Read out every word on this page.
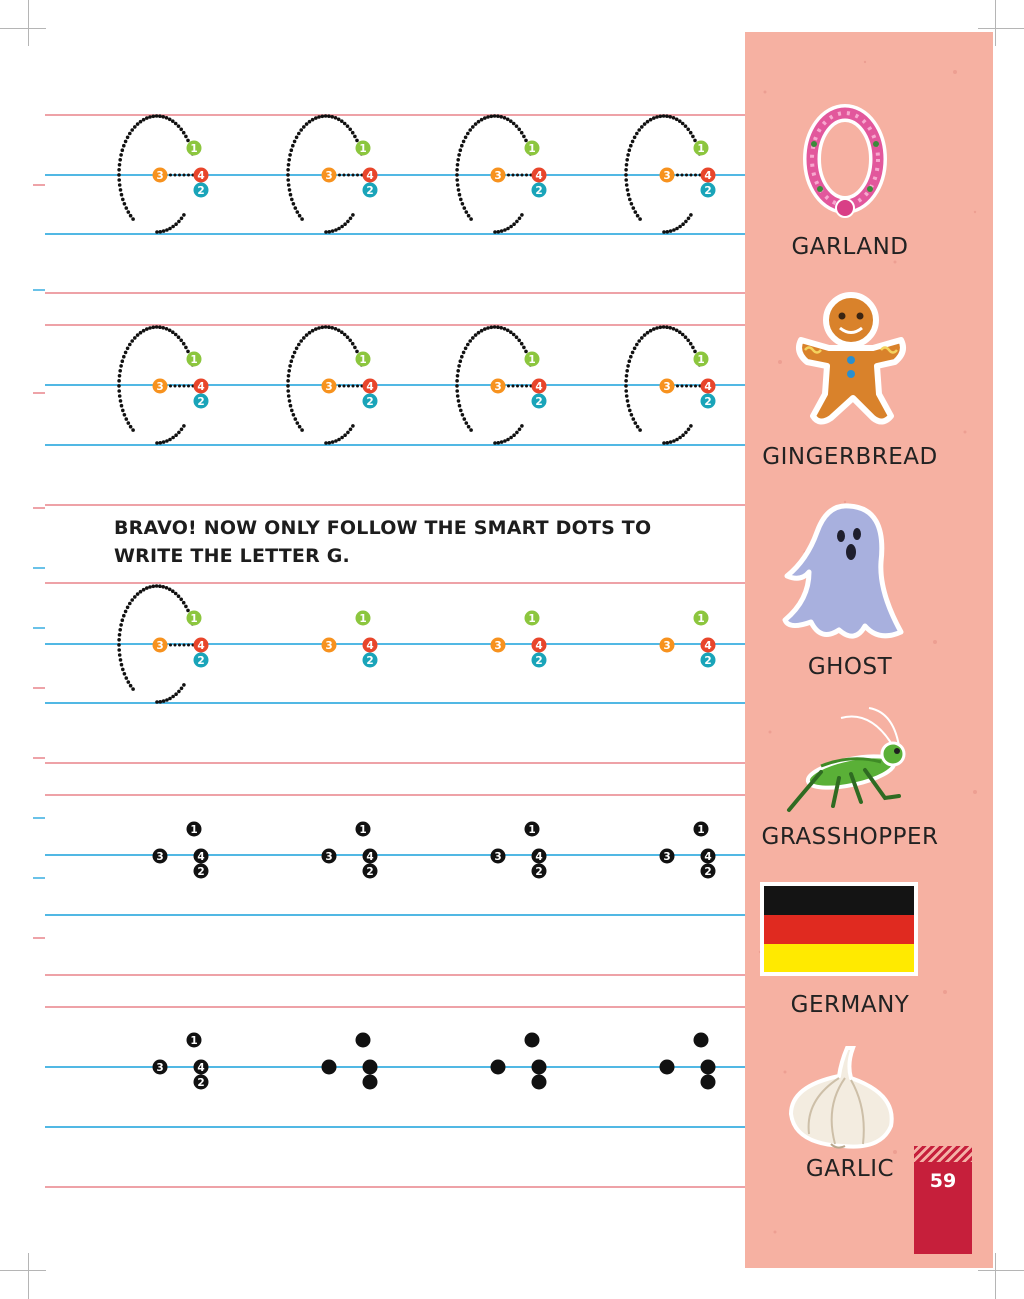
1
3	4
2
1
3	4
2
1
3	4
2
1
3	4
2
1
3	4
2
1
3	4
2
1
3	4
2
1
3	4
2
1
3	4
2
1
3	4
2
1
3	4
2
1
3	4
2
1
3	4
2
1
3	4
2
1
3	4
2
1
3	4
2
1
3	4
2
BRAVO! NOW ONLY FOLLOW THE SMART DOTS TO
WRITE THE LETTER G.
GARLAND
GINGERBREAD
GHOST
GRASSHOPPER
GERMANY
GARLIC	59
